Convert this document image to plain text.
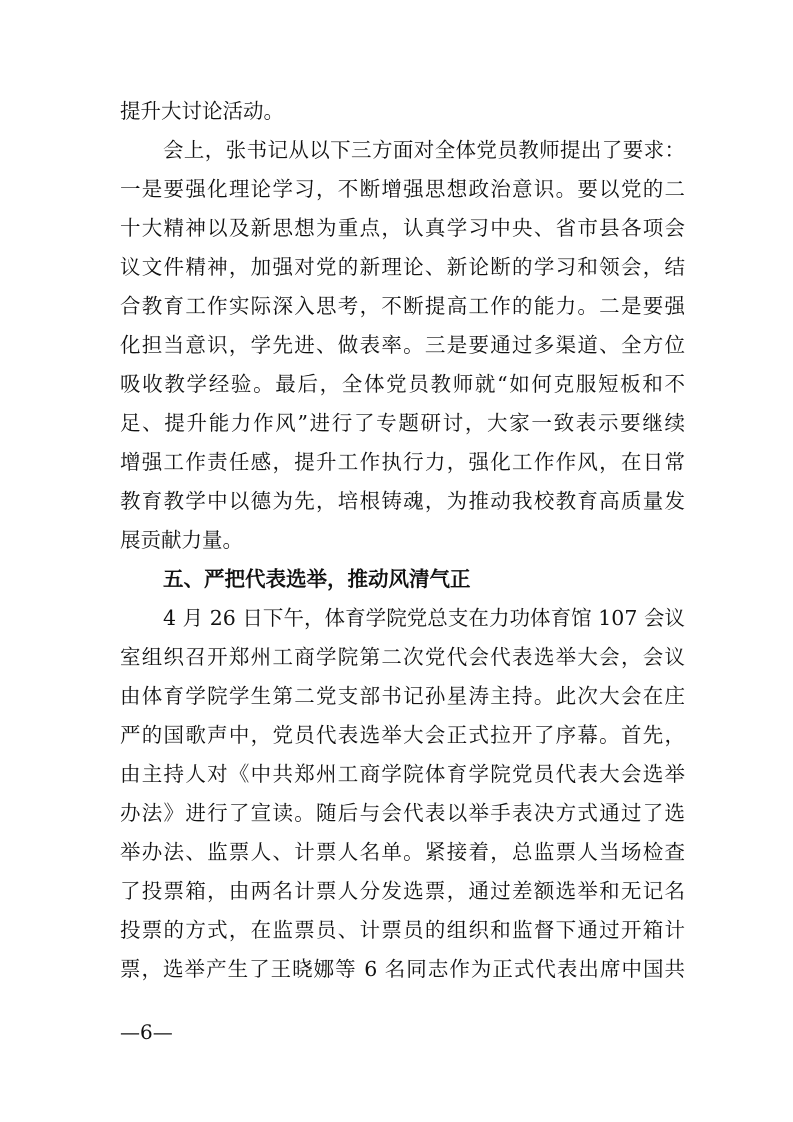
提升大讨论活动。
会上，张书记从以下三方面对全体党员教师提出了要求：
一是要强化理论学习，不断增强思想政治意识。要以党的二
十大精神以及新思想为重点，认真学习中央、省市县各项会
议文件精神，加强对党的新理论、新论断的学习和领会，结
合教育工作实际深入思考，不断提高工作的能力。二是要强
化担当意识，学先进、做表率。三是要通过多渠道、全方位
吸收教学经验。最后，全体党员教师就“如何克服短板和不
足、提升能力作风”进行了专题研讨，大家一致表示要继续
增强工作责任感，提升工作执行力，强化工作作风，在日常
教育教学中以德为先，培根铸魂，为推动我校教育高质量发
展贡献力量。
五、严把代表选举，推动风清气正
4 月 26 日下午，体育学院党总支在力功体育馆 107 会议
室组织召开郑州工商学院第二次党代会代表选举大会，会议
由体育学院学生第二党支部书记孙星涛主持。此次大会在庄
严的国歌声中，党员代表选举大会正式拉开了序幕。首先，
由主持人对《中共郑州工商学院体育学院党员代表大会选举
办法》进行了宣读。随后与会代表以举手表决方式通过了选
举办法、监票人、计票人名单。紧接着，总监票人当场检查
了投票箱，由两名计票人分发选票，通过差额选举和无记名
投票的方式，在监票员、计票员的组织和监督下通过开箱计
票，选举产生了王晓娜等 6 名同志作为正式代表出席中国共
—6—
